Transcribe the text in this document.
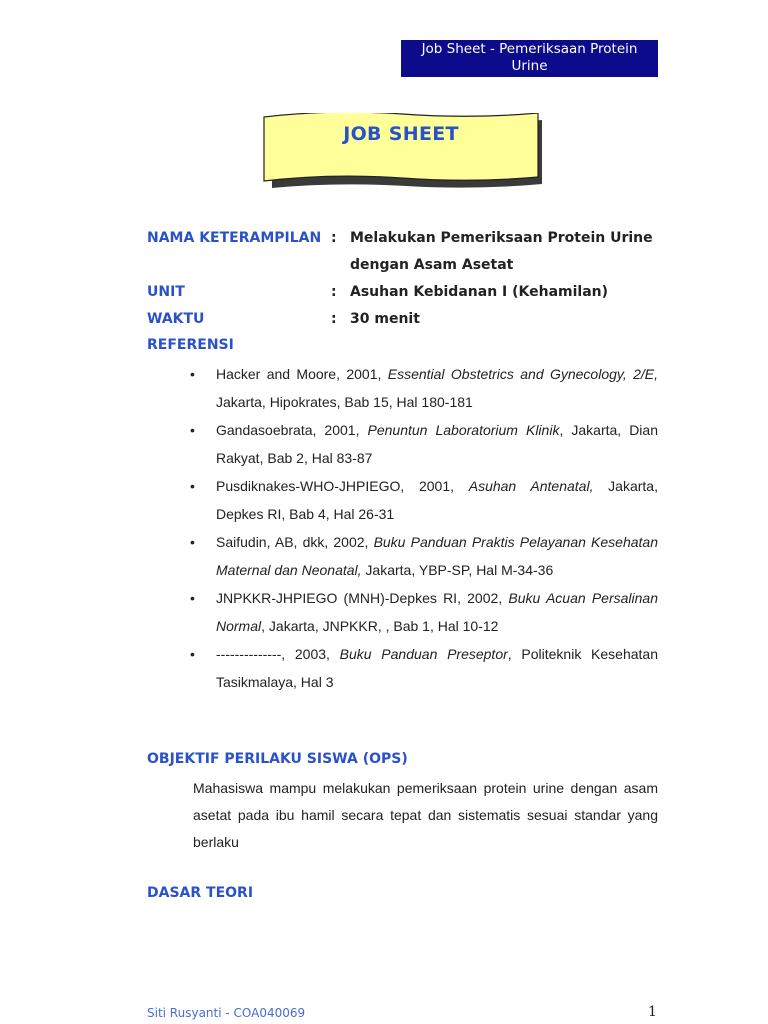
Job Sheet - Pemeriksaan Protein
Urine
JOB SHEET
NAMA KETERAMPILAN : Melakukan Pemeriksaan Protein Urine
dengan Asam Asetat
UNIT	: Asuhan Kebidanan I (Kehamilan)
WAKTU	: 30 menit
REFERENSI
• Hacker and Moore, 2001, Essential Obstetrics and Gynecology, 2/E, Jakarta, Hipokrates, Bab 15, Hal 180-181
• Gandasoebrata, 2001, Penuntun Laboratorium Klinik, Jakarta, Dian Rakyat, Bab 2, Hal 83-87
• Pusdiknakes-WHO-JHPIEGO, 2001, Asuhan Antenatal, Jakarta, Depkes RI, Bab 4, Hal 26-31
• Saifudin, AB, dkk, 2002, Buku Panduan Praktis Pelayanan Kesehatan Maternal dan Neonatal, Jakarta, YBP-SP, Hal M-34-36
• JNPKKR-JHPIEGO (MNH)-Depkes RI, 2002, Buku Acuan Persalinan Normal, Jakarta, JNPKKR, , Bab 1, Hal 10-12
• --------------, 2003, Buku Panduan Preseptor, Politeknik Kesehatan Tasikmalaya, Hal 3
OBJEKTIF PERILAKU SISWA (OPS)
Mahasiswa mampu melakukan pemeriksaan protein urine dengan asam asetat pada ibu hamil secara tepat dan sistematis sesuai standar yang berlaku
DASAR TEORI
Siti Rusyanti - COA040069	1
